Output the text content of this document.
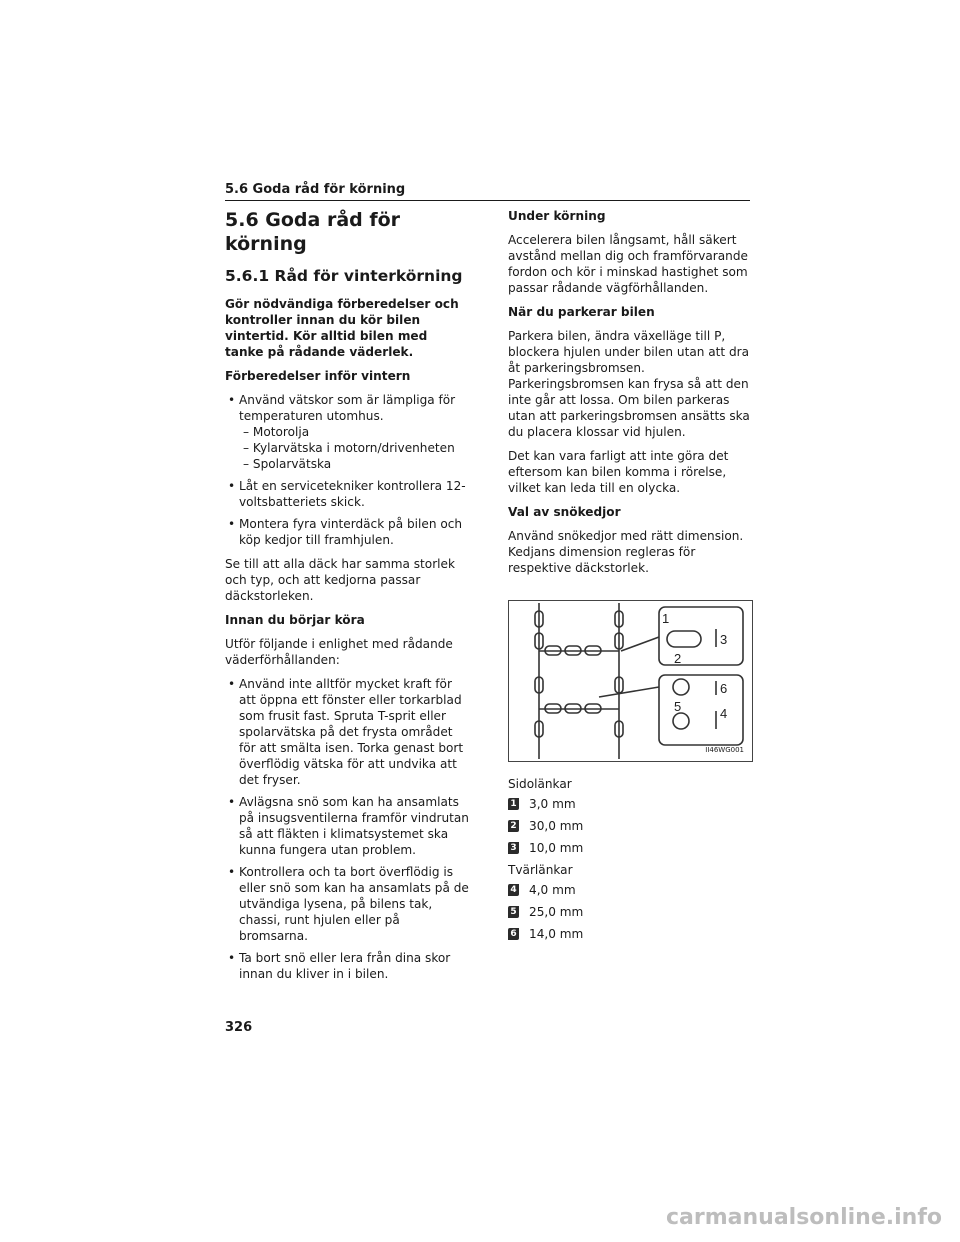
5.6 Goda råd för körning
5.6 Goda råd för körning
5.6.1 Råd för vinterkörning

Gör nödvändiga förberedelser och kontroller innan du kör bilen vintertid. Kör alltid bilen med tanke på rådande väderlek.

Förberedelser inför vintern

• Använd vätskor som är lämpliga för temperaturen utomhus.
– Motorolja
– Kylarvätska i motorn/drivenheten
– Spolarvätska
• Låt en servicetekniker kontrollera 12-voltsbatteriets skick.
• Montera fyra vinterdäck på bilen och köp kedjor till framhjulen.

Se till att alla däck har samma storlek och typ, och att kedjorna passar däckstorleken.

Innan du börjar köra

Utför följande i enlighet med rådande väderförhållanden:

• Använd inte alltför mycket kraft för att öppna ett fönster eller torkarblad som frusit fast. Spruta T-sprit eller spolarvätska på det frysta området för att smälta isen. Torka genast bort överflödig vätska för att undvika att det fryser.
• Avlägsna snö som kan ha ansamlats på insugsventilerna framför vindrutan så att fläkten i klimatsystemet ska kunna fungera utan problem.
• Kontrollera och ta bort överflödig is eller snö som kan ha ansamlats på de utvändiga lysena, på bilens tak, chassi, runt hjulen eller på bromsarna.
• Ta bort snö eller lera från dina skor innan du kliver in i bilen.

Under körning

Accelerera bilen långsamt, håll säkert avstånd mellan dig och framförvarande fordon och kör i minskad hastighet som passar rådande vägförhållanden.

När du parkerar bilen

Parkera bilen, ändra växelläge till P, blockera hjulen under bilen utan att dra åt parkeringsbromsen. Parkeringsbromsen kan frysa så att den inte går att lossa. Om bilen parkeras utan att parkeringsbromsen ansätts ska du placera klossar vid hjulen.

Det kan vara farligt att inte göra det eftersom kan bilen komma i rörelse, vilket kan leda till en olycka.

Val av snökedjor

Använd snökedjor med rätt dimension. Kedjans dimension regleras för respektive däckstorlek.

1
2
3
4
5
6
II46WG001

Sidolänkar

1 3,0 mm
2 30,0 mm
3 10,0 mm

Tvärlänkar

4 4,0 mm
5 25,0 mm
6 14,0 mm
326
carmanualsonline.info
